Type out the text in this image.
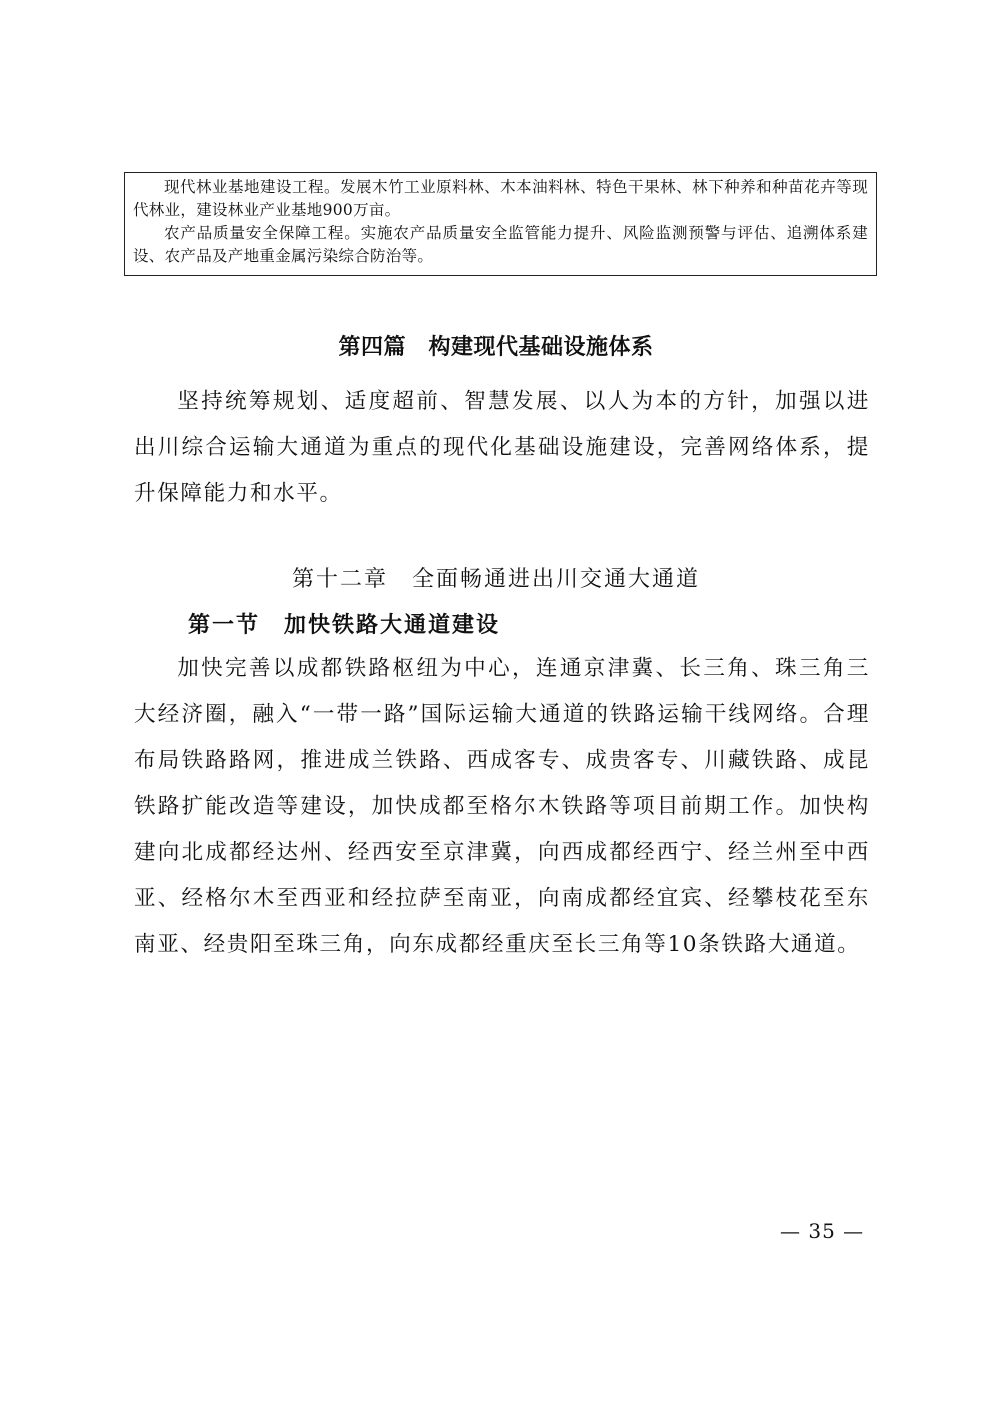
现代林业基地建设工程。发展木竹工业原料林、木本油料林、特色干果林、林下种养和种苗花卉等现代林业，建设林业产业基地900万亩。

农产品质量安全保障工程。实施农产品质量安全监管能力提升、风险监测预警与评估、追溯体系建设、农产品及产地重金属污染综合防治等。

第四篇　构建现代基础设施体系

坚持统筹规划、适度超前、智慧发展、以人为本的方针，加强以进出川综合运输大通道为重点的现代化基础设施建设，完善网络体系，提升保障能力和水平。

第十二章　全面畅通进出川交通大通道
第一节　加快铁路大通道建设

加快完善以成都铁路枢纽为中心，连通京津冀、长三角、珠三角三大经济圈，融入“一带一路”国际运输大通道的铁路运输干线网络。合理布局铁路路网，推进成兰铁路、西成客专、成贵客专、川藏铁路、成昆铁路扩能改造等建设，加快成都至格尔木铁路等项目前期工作。加快构建向北成都经达州、经西安至京津冀，向西成都经西宁、经兰州至中西亚、经格尔木至西亚和经拉萨至南亚，向南成都经宜宾、经攀枝花至东南亚、经贵阳至珠三角，向东成都经重庆至长三角等10条铁路大通道。

— 35 —
